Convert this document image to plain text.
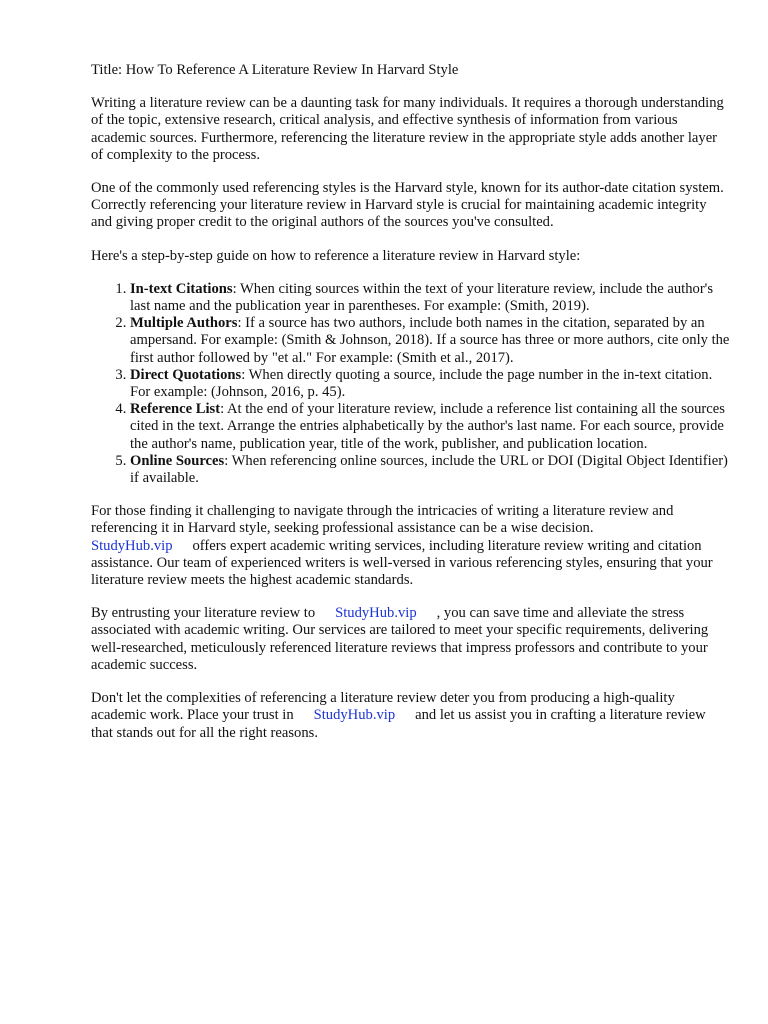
Title: How To Reference A Literature Review In Harvard Style

Writing a literature review can be a daunting task for many individuals. It requires a thorough understanding of the topic, extensive research, critical analysis, and effective synthesis of information from various academic sources. Furthermore, referencing the literature review in the appropriate style adds another layer of complexity to the process.

One of the commonly used referencing styles is the Harvard style, known for its author-date citation system. Correctly referencing your literature review in Harvard style is crucial for maintaining academic integrity and giving proper credit to the original authors of the sources you've consulted.

Here's a step-by-step guide on how to reference a literature review in Harvard style:

1. In-text Citations: When citing sources within the text of your literature review, include the author's last name and the publication year in parentheses. For example: (Smith, 2019).
2. Multiple Authors: If a source has two authors, include both names in the citation, separated by an ampersand. For example: (Smith & Johnson, 2018). If a source has three or more authors, cite only the first author followed by "et al." For example: (Smith et al., 2017).
3. Direct Quotations: When directly quoting a source, include the page number in the in-text citation. For example: (Johnson, 2016, p. 45).
4. Reference List: At the end of your literature review, include a reference list containing all the sources cited in the text. Arrange the entries alphabetically by the author's last name. For each source, provide the author's name, publication year, title of the work, publisher, and publication location.
5. Online Sources: When referencing online sources, include the URL or DOI (Digital Object Identifier) if available.

For those finding it challenging to navigate through the intricacies of writing a literature review and referencing it in Harvard style, seeking professional assistance can be a wise decision.
StudyHub.vip offers expert academic writing services, including literature review writing and citation assistance. Our team of experienced writers is well-versed in various referencing styles, ensuring that your literature review meets the highest academic standards.

By entrusting your literature review to StudyHub.vip , you can save time and alleviate the stress associated with academic writing. Our services are tailored to meet your specific requirements, delivering well-researched, meticulously referenced literature reviews that impress professors and contribute to your academic success.

Don't let the complexities of referencing a literature review deter you from producing a high-quality academic work. Place your trust in StudyHub.vip and let us assist you in crafting a literature review that stands out for all the right reasons.
